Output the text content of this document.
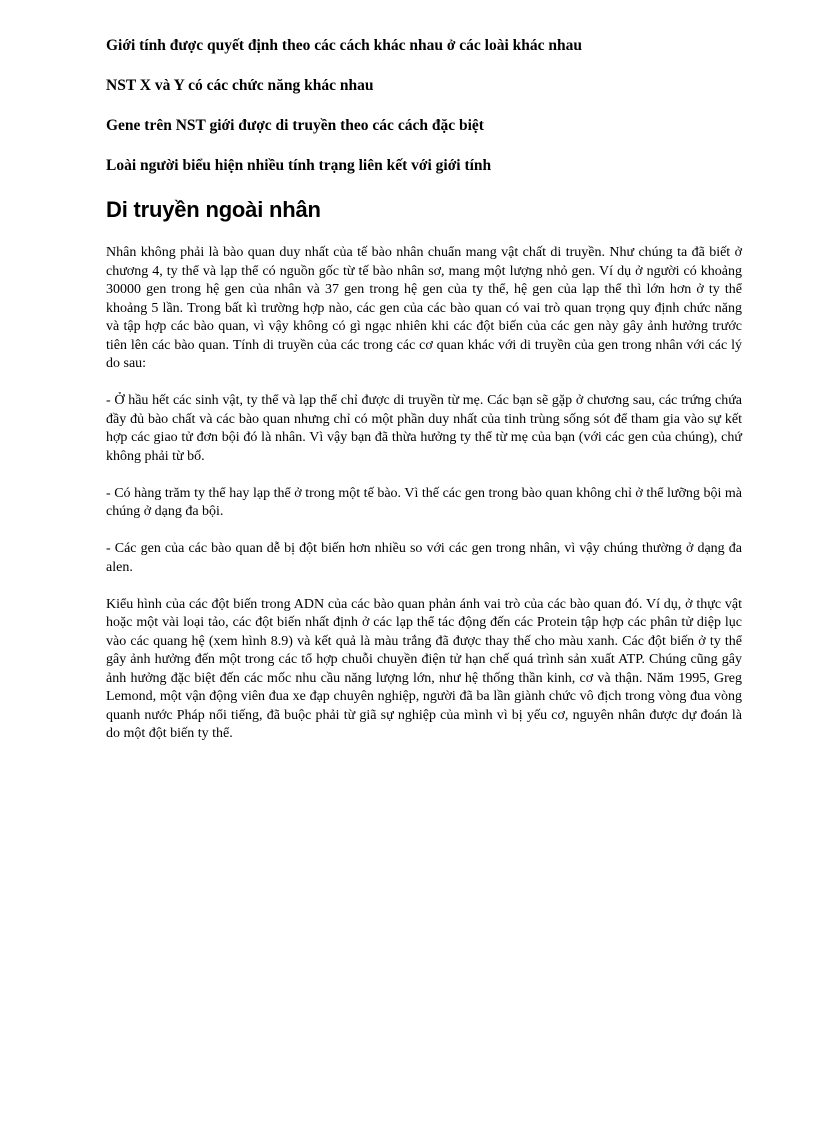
Giới tính được quyết định theo các cách khác nhau ở các loài khác nhau
NST X và Y có các chức năng khác nhau
Gene trên NST giới được di truyền theo các cách đặc biệt
Loài người biểu hiện nhiều tính trạng liên kết với giới tính
Di truyền ngoài nhân

Nhân không phải là bào quan duy nhất của tế bào nhân chuẩn mang vật chất di truyền. Như chúng ta đã biết ở chương 4, ty thể và lạp thể có nguồn gốc từ tế bào nhân sơ, mang một lượng nhỏ gen. Ví dụ ở người có khoảng 30000 gen trong hệ gen của nhân và 37 gen trong hệ gen của ty thể, hệ gen của lạp thể thì lớn hơn ở ty thể khoảng 5 lần. Trong bất kì trường hợp nào, các gen của các bào quan có vai trò quan trọng quy định chức năng và tập hợp các bào quan, vì vậy không có gì ngạc nhiên khi các đột biến của các gen này gây ảnh hưởng trước tiên lên các bào quan. Tính di truyền của các trong các cơ quan khác với di truyền của gen trong nhân với các lý do sau:

- Ở hầu hết các sinh vật, ty thể và lạp thể chỉ được di truyền từ mẹ. Các bạn sẽ gặp ở chương sau, các trứng chứa đầy đủ bào chất và các bào quan nhưng chỉ có một phần duy nhất của tinh trùng sống sót để tham gia vào sự kết hợp các giao tử đơn bội đó là nhân. Vì vậy bạn đã thừa hưởng ty thể từ mẹ của bạn (với các gen của chúng), chứ không phải từ bố.

- Có hàng trăm ty thể hay lạp thể ở trong một tế bào. Vì thế các gen trong bào quan không chỉ ở thể lưỡng bội mà chúng ở dạng đa bội.

- Các gen của các bào quan dễ bị đột biến hơn nhiều so với các gen trong nhân, vì vậy chúng thường ở dạng đa alen.

Kiểu hình của các đột biến trong ADN của các bào quan phản ánh vai trò của các bào quan đó. Ví dụ, ở thực vật hoặc một vài loại tảo, các đột biến nhất định ở các lạp thể tác động đến các Protein tập hợp các phân tử diệp lục vào các quang hệ (xem hình 8.9) và kết quả là màu trắng đã được thay thế cho màu xanh. Các đột biến ở ty thể gây ảnh hưởng đến một trong các tổ hợp chuỗi chuyền điện tử hạn chế quá trình sản xuất ATP. Chúng cũng gây ảnh hưởng đặc biệt đến các mốc nhu cầu năng lượng lớn, như hệ thống thần kinh, cơ và thận. Năm 1995, Greg Lemond, một vận động viên đua xe đạp chuyên nghiệp, người đã ba lần giành chức vô địch trong vòng đua vòng quanh nước Pháp nổi tiếng, đã buộc phải từ giã sự nghiệp của mình vì bị yếu cơ, nguyên nhân được dự đoán là do một đột biến ty thể.
